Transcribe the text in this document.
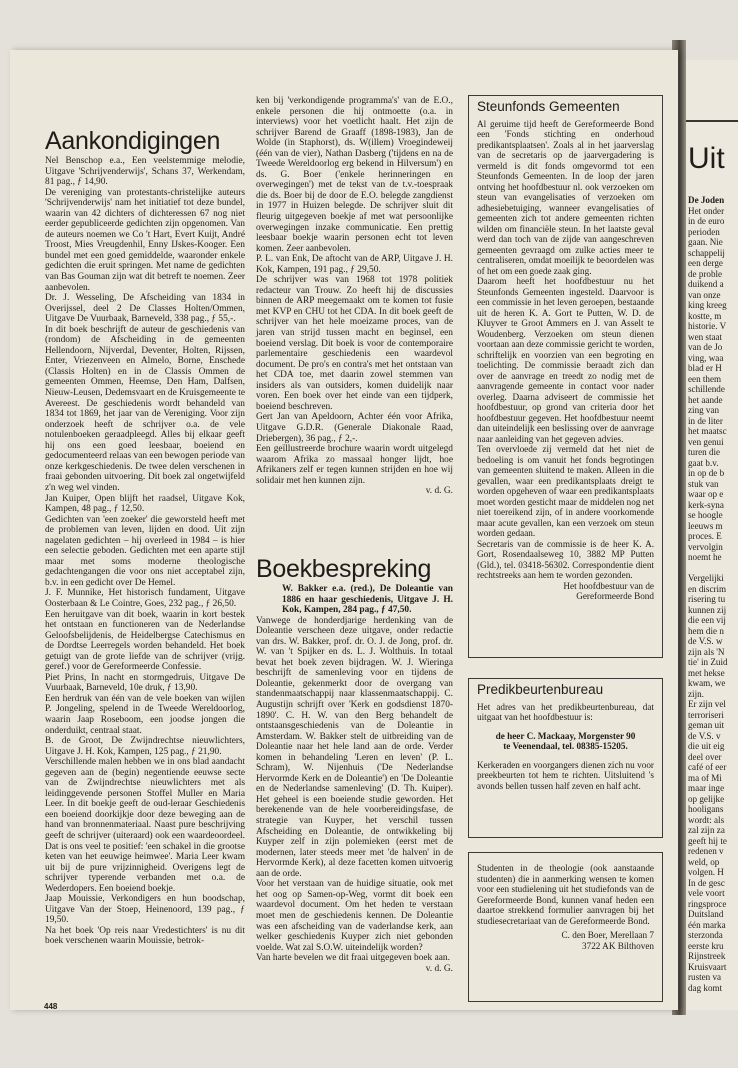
Aankondigingen

Nel Benschop e.a., Een veelstemmige melodie, Uitgave 'Schrijvenderwijs', Schans 37, Werkendam, 81 pag., ƒ 14,90.

De vereniging van protestants-christelijke auteurs 'Schrijvenderwijs' nam het initiatief tot deze bundel, waarin van 42 dichters of dichteressen 67 nog niet eerder gepubliceerde gedichten zijn opgenomen. Van de auteurs noemen we Co 't Hart, Evert Kuijt, André Troost, Mies Vreugdenhil, Enny IJskes-Kooger. Een bundel met een goed gemiddelde, waaronder enkele gedichten die eruit springen. Met name de gedichten van Bas Gouman zijn wat dit betreft te noemen. Zeer aanbevolen.

Dr. J. Wesseling, De Afscheiding van 1834 in Overijssel, deel 2 De Classes Holten/Ommen, Uitgave De Vuurbaak, Barneveld, 338 pag., ƒ 55,-.

In dit boek beschrijft de auteur de geschiedenis van (rondom) de Afscheiding in de gemeenten Hellendoorn, Nijverdal, Deventer, Holten, Rijssen, Enter, Vriezenveen en Almelo, Borne, Enschede (Classis Holten) en in de Classis Ommen de gemeenten Ommen, Heemse, Den Ham, Dalfsen, Nieuw-Leusen, Dedemsvaart en de Kruisgemeente te Avereest. De geschiedenis wordt behandeld van 1834 tot 1869, het jaar van de Vereniging. Voor zijn onderzoek heeft de schrijver o.a. de vele notulenboeken geraadpleegd. Alles bij elkaar geeft hij ons een goed leesbaar, boeiend en gedocumenteerd relaas van een bewogen periode van onze kerkgeschiedenis. De twee delen verschenen in fraai gebonden uitvoering. Dit boek zal ongetwijfeld z'n weg wel vinden.

Jan Kuiper, Open blijft het raadsel, Uitgave Kok, Kampen, 48 pag., ƒ 12,50.

Gedichten van 'een zoeker' die geworsteld heeft met de problemen van leven, lijden en dood. Uit zijn nagelaten gedichten – hij overleed in 1984 – is hier een selectie geboden. Gedichten met een aparte stijl maar met soms moderne theologische gedachtengangen die voor ons niet acceptabel zijn, b.v. in een gedicht over De Hemel.

J. F. Munnike, Het historisch fundament, Uitgave Oosterbaan & Le Cointre, Goes, 232 pag., ƒ 26,50.

Een heruitgave van dit boek, waarin in kort bestek het ontstaan en functioneren van de Nederlandse Geloofsbelijdenis, de Heidelbergse Catechismus en de Dordtse Leerregels worden behandeld. Het boek getuigt van de grote liefde van de schrijver (vrijg. geref.) voor de Gereformeerde Confessie.

Piet Prins, In nacht en stormgedruis, Uitgave De Vuurbaak, Barneveld, 10e druk, ƒ 13,90.

Een herdruk van één van de vele boeken van wijlen P. Jongeling, spelend in de Tweede Wereldoorlog, waarin Jaap Roseboom, een joodse jongen die onderduikt, centraal staat.

B. de Groot, De Zwijndrechtse nieuwlichters, Uitgave J. H. Kok, Kampen, 125 pag., ƒ 21,90.

Verschillende malen hebben we in ons blad aandacht gegeven aan de (begin) negentiende eeuwse secte van de Zwijndrechtse nieuwlichters met als leidinggevende personen Stoffel Muller en Maria Leer. In dit boekje geeft de oud-leraar Geschiedenis een boeiend doorkijkje door deze beweging aan de hand van bronnenmateriaal. Naast pure beschrijving geeft de schrijver (uiteraard) ook een waardeoordeel. Dat is ons veel te positief: 'een schakel in die grootse keten van het eeuwige heimwee'. Maria Leer kwam uit bij de pure vrijzinnigheid. Overigens legt de schrijver typerende verbanden met o.a. de Wederdopers. Een boeiend boekje.

Jaap Mouissie, Verkondigers en hun boodschap, Uitgave Van der Stoep, Heinenoord, 139 pag., ƒ 19,50.

Na het boek 'Op reis naar Vredestichters' is nu dit boek verschenen waarin Mouissie, betrok-

ken bij 'verkondigende programma's' van de E.O., enkele personen die hij ontmoette (o.a. in interviews) voor het voetlicht haalt. Het zijn de schrijver Barend de Graaff (1898-1983), Jan de Wolde (in Staphorst), ds. W(illem) Vroegindeweij (één van de vier), Nathan Dasberg ('tijdens en na de Tweede Wereldoorlog erg bekend in Hilversum') en ds. G. Boer ('enkele herinneringen en overwegingen') met de tekst van de t.v.-toespraak die ds. Boer bij de door de E.O. belegde zangdienst in 1977 in Huizen belegde. De schrijver sluit dit fleurig uitgegeven boekje af met wat persoonlijke overwegingen inzake communicatie. Een prettig leesbaar boekje waarin personen echt tot leven komen. Zeer aanbevolen.

P. L. van Enk, De aftocht van de ARP, Uitgave J. H. Kok, Kampen, 191 pag., ƒ 29,50.

De schrijver was van 1968 tot 1978 politiek redacteur van Trouw. Zo heeft hij de discussies binnen de ARP meegemaakt om te komen tot fusie met KVP en CHU tot het CDA. In dit boek geeft de schrijver van het hele moeizame proces, van de jaren van strijd tussen macht en beginsel, een boeiend verslag. Dit boek is voor de contemporaire parlementaire geschiedenis een waardevol document. De pro's en contra's met het ontstaan van het CDA toe, met daarin zowel stemmen van insiders als van outsiders, komen duidelijk naar voren. Een boek over het einde van een tijdperk, boeiend beschreven.

Gert Jan van Apeldoorn, Achter één voor Afrika, Uitgave G.D.R. (Generale Diakonale Raad, Driebergen), 36 pag., ƒ 2,-.

Een geïllustreerde brochure waarin wordt uitgelegd waarom Afrika zo massaal honger lijdt, hoe Afrikaners zelf er tegen kunnen strijden en hoe wij solidair met hen kunnen zijn.

v. d. G.

Boekbespreking

W. Bakker e.a. (red.), De Doleantie van 1886 en haar geschiedenis, Uitgave J. H. Kok, Kampen, 284 pag., ƒ 47,50.

Vanwege de honderdjarige herdenking van de Doleantie verscheen deze uitgave, onder redactie van drs. W. Bakker, prof. dr. O. J. de Jong, prof. dr. W. van 't Spijker en ds. L. J. Wolthuis. In totaal bevat het boek zeven bijdragen. W. J. Wieringa beschrijft de samenleving voor en tijdens de Doleantie, gekenmerkt door de overgang van standenmaatschappij naar klassenmaatschappij. C. Augustijn schrijft over 'Kerk en godsdienst 1870-1890'. C. H. W. van den Berg behandelt de ontstaansgeschiedenis van de Doleantie in Amsterdam. W. Bakker stelt de uitbreiding van de Doleantie naar het hele land aan de orde. Verder komen in behandeling 'Leren en leven' (P. L. Schram), W. Nijenhuis ('De Nederlandse Hervormde Kerk en de Doleantie') en 'De Doleantie en de Nederlandse samenleving' (D. Th. Kuiper). Het geheel is een boeiende studie geworden. Het berekenende van de hele voorbereidingsfase, de strategie van Kuyper, het verschil tussen Afscheiding en Doleantie, de ontwikkeling bij Kuyper zelf in zijn polemieken (eerst met de modernen, later steeds meer met 'de halven' in de Hervormde Kerk), al deze facetten komen uitvoerig aan de orde.

Voor het verstaan van de huidige situatie, ook met het oog op Samen-op-Weg, vormt dit boek een waardevol document. Om het heden te verstaan moet men de geschiedenis kennen. De Doleantie was een afscheiding van de vaderlandse kerk, aan welker geschiedenis Kuyper zich niet gebonden voelde. Wat zal S.O.W. uiteindelijk worden?

Van harte bevelen we dit fraai uitgegeven boek aan.

v. d. G.

Steunfonds Gemeenten

Al geruime tijd heeft de Gereformeerde Bond een 'Fonds stichting en onderhoud predikantsplaatsen'. Zoals al in het jaarverslag van de secretaris op de jaarvergadering is vermeld is dit fonds omgevormd tot een Steunfonds Gemeenten. In de loop der jaren ontving het hoofdbestuur nl. ook verzoeken om steun van evangelisaties of verzoeken om adhesiebetuiging, wanneer evangelisaties of gemeenten zich tot andere gemeenten richten wilden om financiële steun. In het laatste geval werd dan toch van de zijde van aangeschreven gemeenten gevraagd om zulke acties meer te centraliseren, omdat moeilijk te beoordelen was of het om een goede zaak ging.

Daarom heeft het hoofdbestuur nu het Steunfonds Gemeenten ingesteld. Daarvoor is een commissie in het leven geroepen, bestaande uit de heren K. A. Gort te Putten, W. D. de Kluyver te Groot Ammers en J. van Asselt te Woudenberg. Verzoeken om steun dienen voortaan aan deze commissie gericht te worden, schriftelijk en voorzien van een begroting en toelichting. De commissie beraadt zich dan over de aanvrage en treedt zo nodig met de aanvragende gemeente in contact voor nader overleg. Daarna adviseert de commissie het hoofdbestuur, op grond van criteria door het hoofdbestuur gegeven. Het hoofdbestuur neemt dan uiteindelijk een beslissing over de aanvrage naar aanleiding van het gegeven advies.

Ten overvloede zij vermeld dat het niet de bedoeling is om vanuit het fonds begrotingen van gemeenten sluitend te maken. Alleen in die gevallen, waar een predikantsplaats dreigt te worden opgeheven of waar een predikantsplaats moet worden gesticht maar de middelen nog net niet toereikend zijn, of in andere voorkomende maar acute gevallen, kan een verzoek om steun worden gedaan.

Secretaris van de commissie is de heer K. A. Gort, Rosendaalseweg 10, 3882 MP Putten (Gld.), tel. 03418-56302. Correspondentie dient rechtstreeks aan hem te worden gezonden.

Het hoofdbestuur van de

Gereformeerde Bond

Predikbeurtenbureau

Het adres van het predikbeurtenbureau, dat uitgaat van het hoofdbestuur is:

de heer C. Mackaay, Morgenster 90

te Veenendaal, tel. 08385-15205.

Kerkeraden en voorgangers dienen zich nu voor preekbeurten tot hem te richten. Uitsluitend 's avonds bellen tussen half zeven en half acht.

Studenten in de theologie (ook aanstaande studenten) die in aanmerking wensen te komen voor een studielening uit het studiefonds van de Gereformeerde Bond, kunnen vanaf heden een daartoe strekkend formulier aanvragen bij het studiesecretariaat van de Gereformeerde Bond.

C. den Boer, Merellaan 7

3722 AK Bilthoven

448
Uit
De Joden
Het onder
in de euro
perioden
gaan. Nie
schappelij
een derge
de proble
duikend a
van onze
king kreeg
kostte, m
historie. V
wen staat
van de Jo
ving, waa
blad er H
een them
schillende
het aande
zing van
in de liter
het maatsc
ven genui
turen die
gaat b.v.
in op de b
stuk van
waar op e
kerk-syna
se hoogle
leeuws m
proces. E
vervolgin
noemt he

Vergelijki
en discrim
risering tu
kunnen zij
die een vij
hem die n
de V.S. w
zijn als 'N
tie' in Zuid
met hekse
kwam, we
zijn.
Er zijn vel
terroriseri
geman uit
de V.S. v
die uit eig
deel over
café of eer
ma of Mi
maar inge
op gelijke
hooligans
wordt: als
zal zijn za
geeft hij te
redenen v
weld, op
volgen. H
In de gesc
vele voort
ringsproce
Duitsland
één marka
sterzonda
eerste kru
Rijnstreek
Kruisvaart
rusten va
dag komt
